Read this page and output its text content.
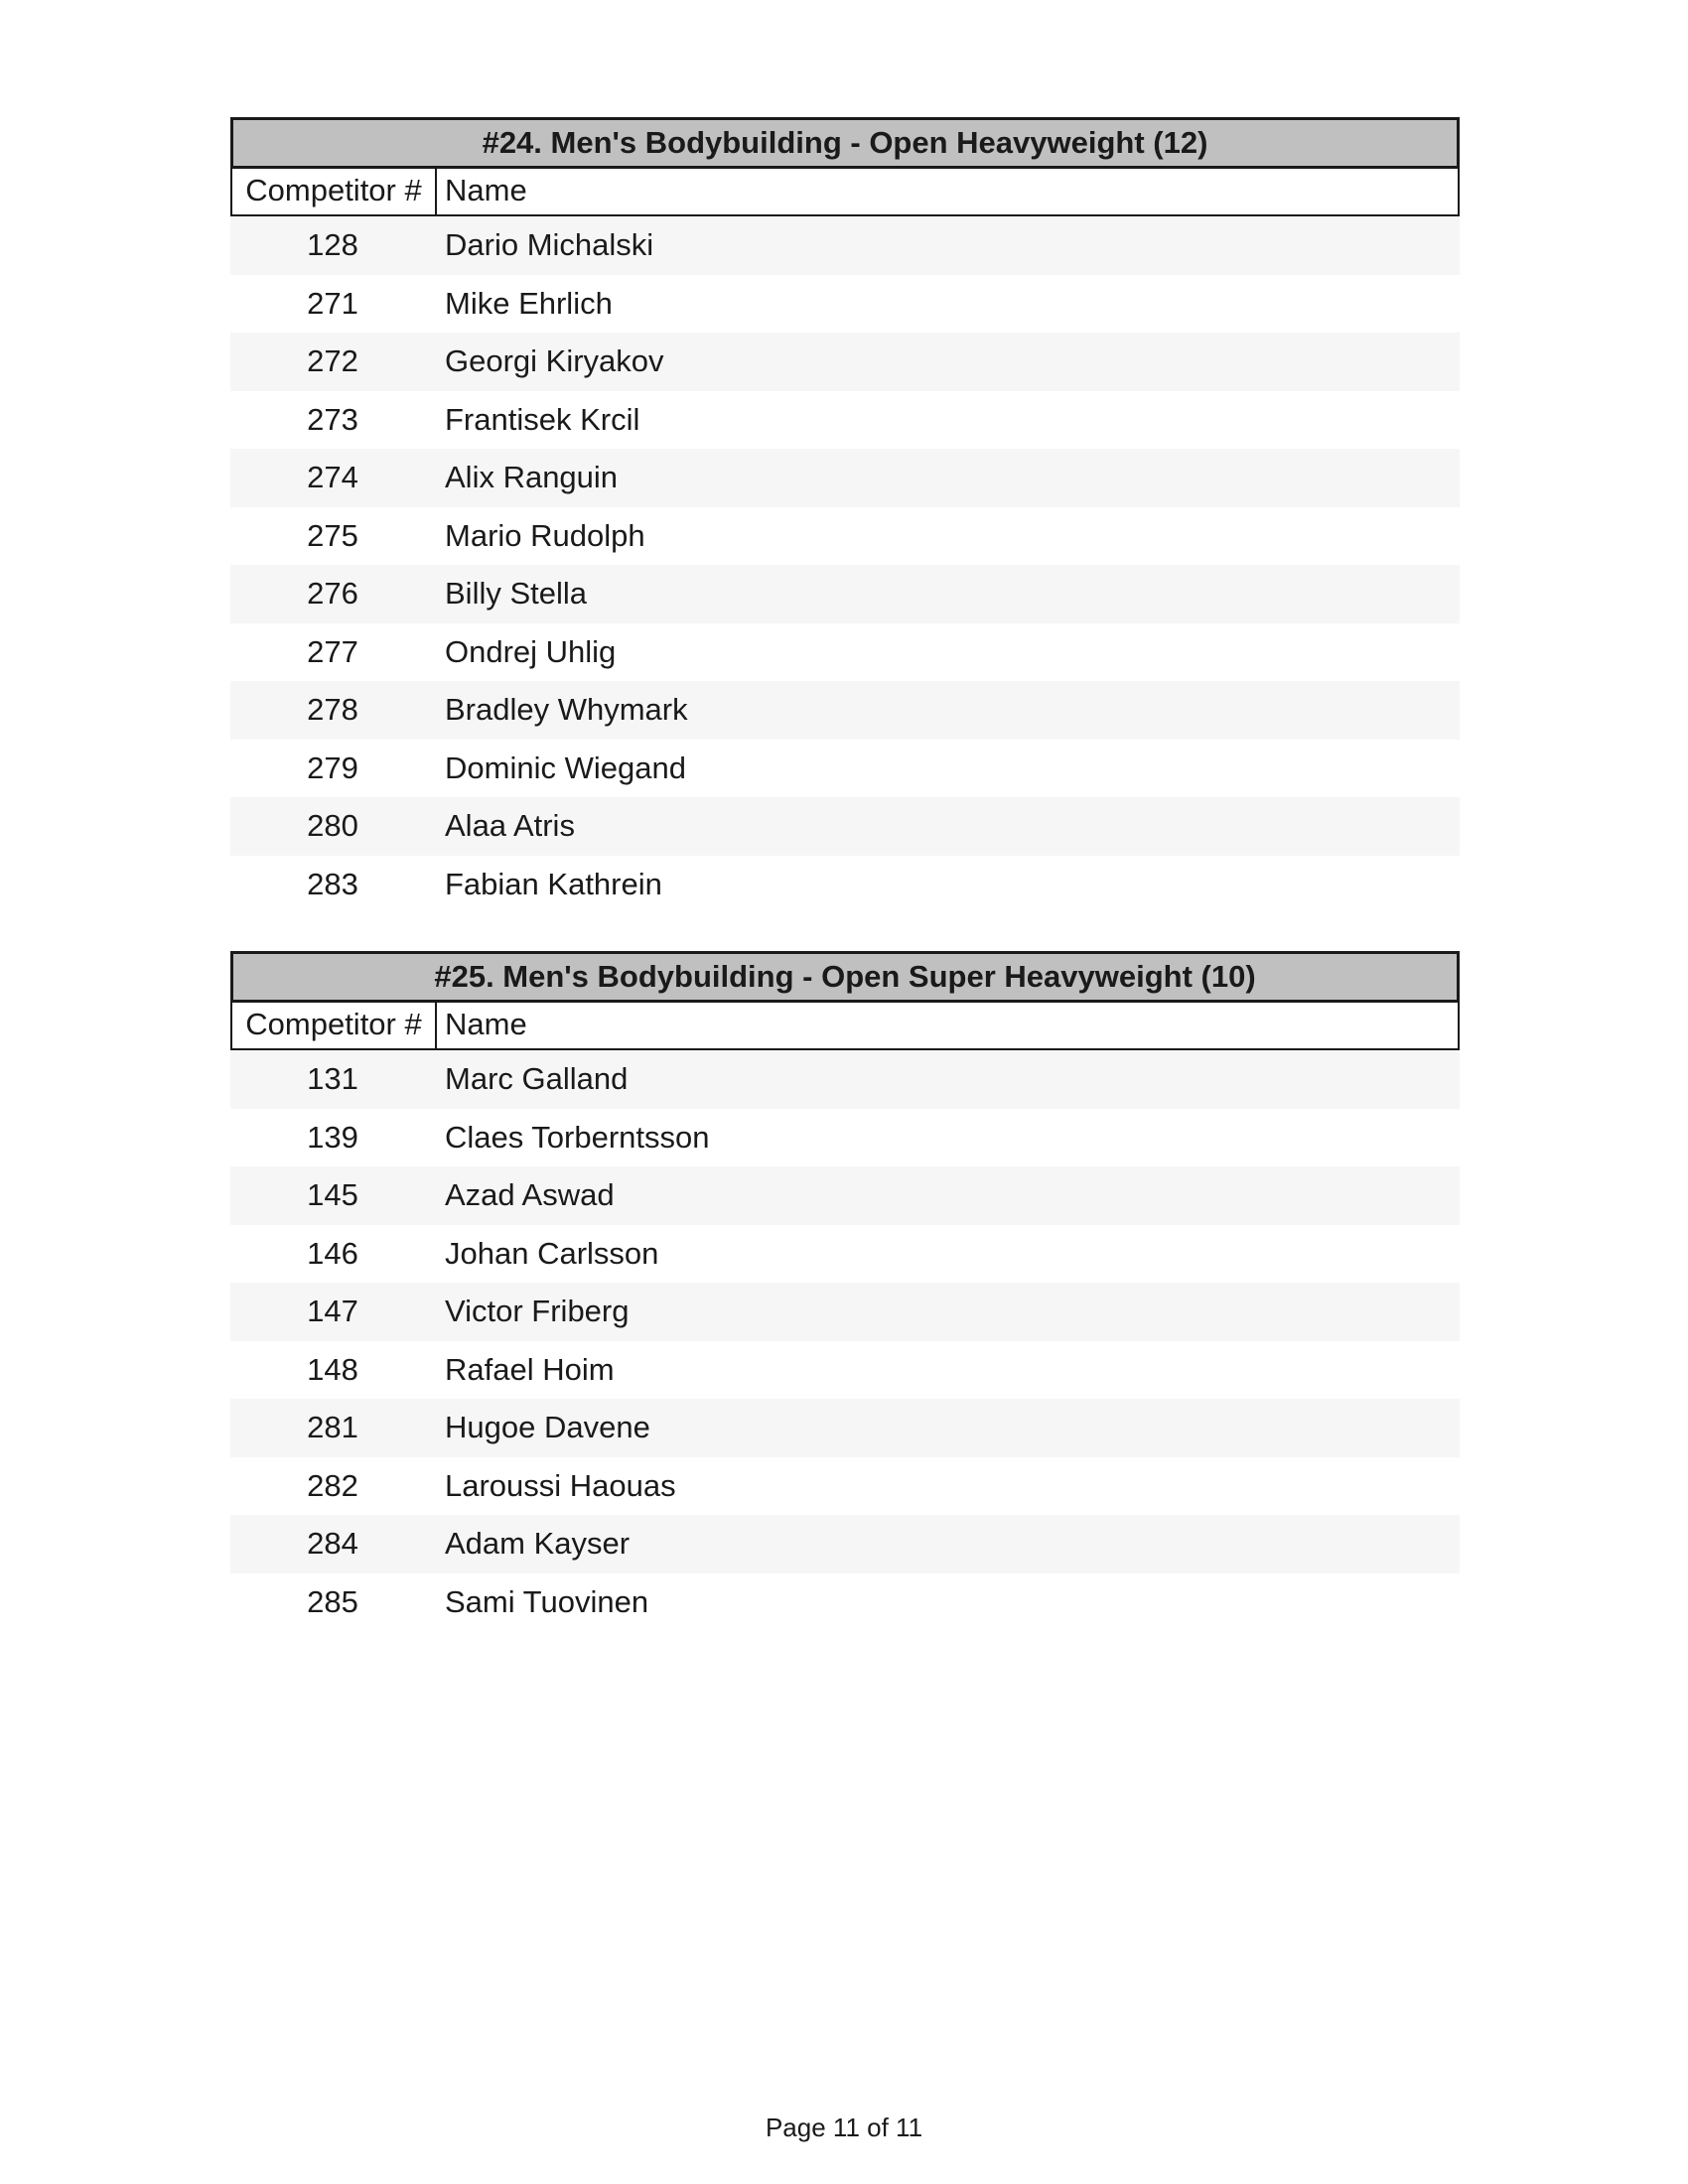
#24. Men's Bodybuilding - Open Heavyweight (12)
Competitor # Name
128	Dario Michalski
271	Mike Ehrlich
272	Georgi Kiryakov
273	Frantisek Krcil
274	Alix Ranguin
275	Mario Rudolph
276	Billy Stella
277	Ondrej Uhlig
278	Bradley Whymark
279	Dominic Wiegand
280	Alaa Atris
283	Fabian Kathrein
#25. Men's Bodybuilding - Open Super Heavyweight (10)
Competitor # Name
131	Marc Galland
139	Claes Torberntsson
145	Azad Aswad
146	Johan Carlsson
147	Victor Friberg
148	Rafael Hoim
281	Hugoe Davene
282	Laroussi Haouas
284	Adam Kayser
285	Sami Tuovinen
Page 11 of 11
